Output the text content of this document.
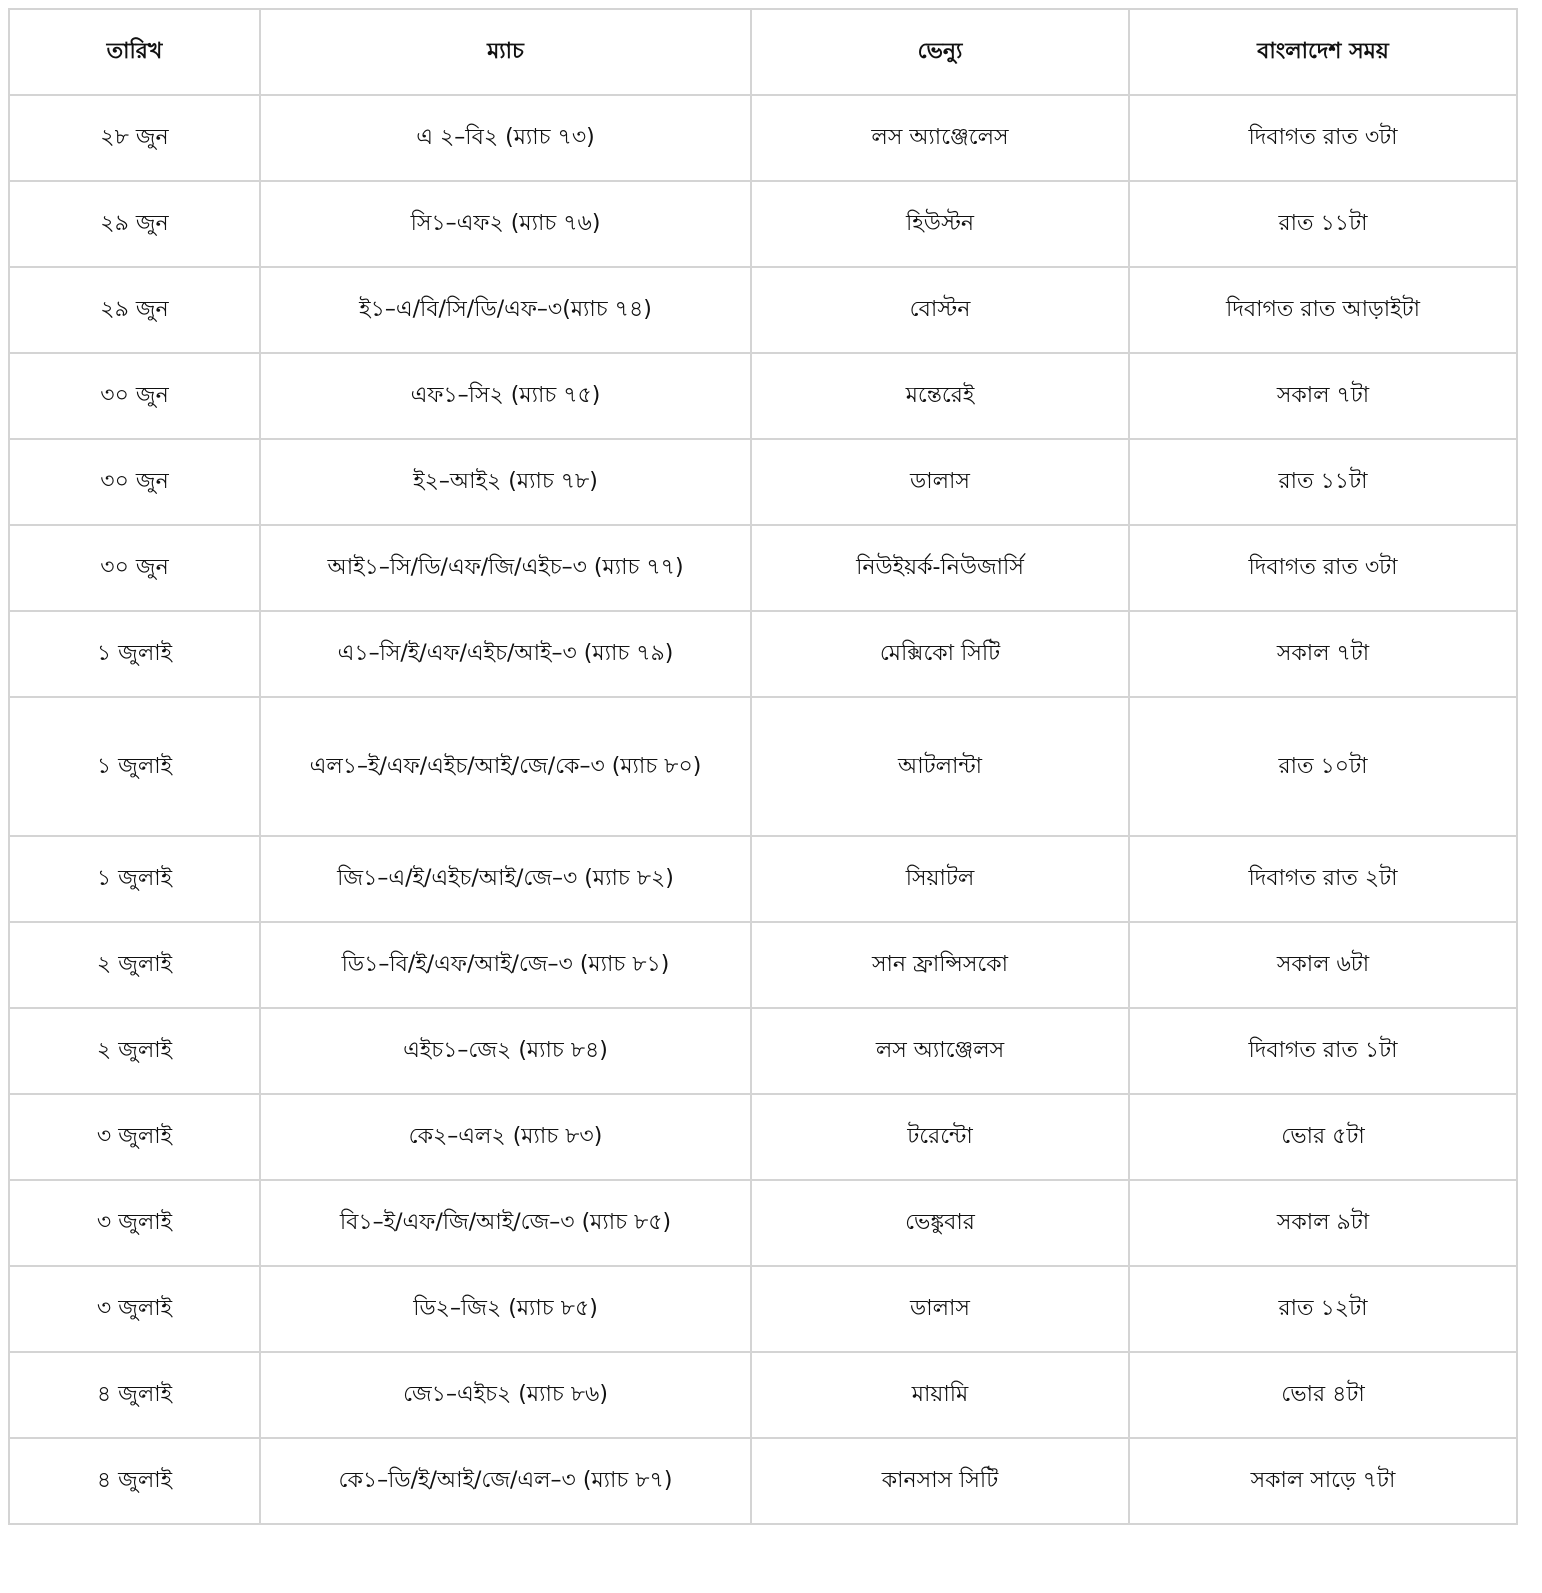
তারিখ	ম্যাচ	ভেন্যু	বাংলাদেশ সময়
২৮ জুন	এ ২–বি২ (ম্যাচ ৭৩)	লস অ্যাঞ্জেলেস	দিবাগত রাত ৩টা
২৯ জুন	সি১–এফ২ (ম্যাচ ৭৬)	হিউস্টন	রাত ১১টা
২৯ জুন	ই১–এ/বি/সি/ডি/এফ–৩(ম্যাচ ৭৪)	বোস্টন	দিবাগত রাত আড়াইটা
৩০ জুন	এফ১–সি২ (ম্যাচ ৭৫)	মন্তেরেই	সকাল ৭টা
৩০ জুন	ই২–আই২ (ম্যাচ ৭৮)	ডালাস	রাত ১১টা
৩০ জুন	আই১–সি/ডি/এফ/জি/এইচ–৩ (ম্যাচ ৭৭)	নিউইয়র্ক-নিউজার্সি	দিবাগত রাত ৩টা
১ জুলাই	এ১–সি/ই/এফ/এইচ/আই–৩ (ম্যাচ ৭৯)	মেক্সিকো সিটি	সকাল ৭টা
১ জুলাই	এল১–ই/এফ/এইচ/আই/জে/কে–৩ (ম্যাচ ৮০)	আটলান্টা	রাত ১০টা
১ জুলাই	জি১–এ/ই/এইচ/আই/জে–৩ (ম্যাচ ৮২)	সিয়াটল	দিবাগত রাত ২টা
২ জুলাই	ডি১–বি/ই/এফ/আই/জে–৩ (ম্যাচ ৮১)	সান ফ্রান্সিসকো	সকাল ৬টা
২ জুলাই	এইচ১–জে২ (ম্যাচ ৮৪)	লস অ্যাঞ্জেলস	দিবাগত রাত ১টা
৩ জুলাই	কে২–এল২ (ম্যাচ ৮৩)	টরেন্টো	ভোর ৫টা
৩ জুলাই	বি১–ই/এফ/জি/আই/জে–৩ (ম্যাচ ৮৫)	ভেঙ্কুবার	সকাল ৯টা
৩ জুলাই	ডি২–জি২ (ম্যাচ ৮৫)	ডালাস	রাত ১২টা
৪ জুলাই	জে১–এইচ২ (ম্যাচ ৮৬)	মায়ামি	ভোর ৪টা
৪ জুলাই	কে১–ডি/ই/আই/জে/এল–৩ (ম্যাচ ৮৭)	কানসাস সিটি	সকাল সাড়ে ৭টা
